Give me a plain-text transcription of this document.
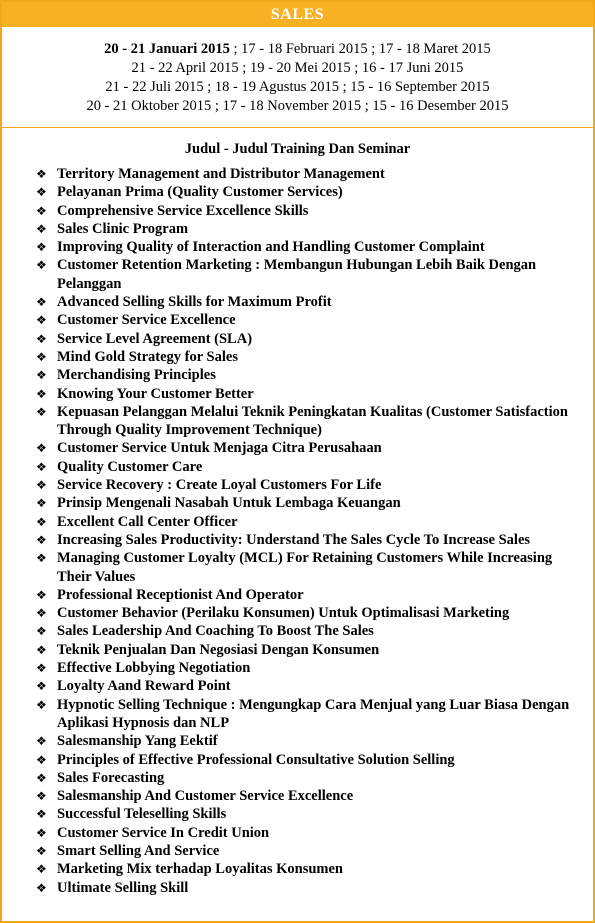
SALES
20 - 21 Januari 2015 ; 17 - 18 Februari 2015 ; 17 - 18 Maret 2015
21 - 22 April 2015 ; 19 - 20 Mei 2015 ; 16 - 17 Juni 2015
21 - 22 Juli 2015 ; 18 - 19 Agustus 2015 ; 15 - 16 September 2015
20 - 21 Oktober 2015 ; 17 - 18 November 2015 ; 15 - 16 Desember 2015
Judul - Judul Training Dan Seminar
❖ Territory Management and Distributor Management
❖ Pelayanan Prima (Quality Customer Services)
❖ Comprehensive Service Excellence Skills
❖ Sales Clinic Program
❖ Improving Quality of Interaction and Handling Customer Complaint
❖ Customer Retention Marketing : Membangun Hubungan Lebih Baik Dengan Pelanggan
❖ Advanced Selling Skills for Maximum Profit
❖ Customer Service Excellence
❖ Service Level Agreement (SLA)
❖ Mind Gold Strategy for Sales
❖ Merchandising Principles
❖ Knowing Your Customer Better
❖ Kepuasan Pelanggan Melalui Teknik Peningkatan Kualitas (Customer Satisfaction Through Quality Improvement Technique)
❖ Customer Service Untuk Menjaga Citra Perusahaan
❖ Quality Customer Care
❖ Service Recovery : Create Loyal Customers For Life
❖ Prinsip Mengenali Nasabah Untuk Lembaga Keuangan
❖ Excellent Call Center Officer
❖ Increasing Sales Productivity: Understand The Sales Cycle To Increase Sales
❖ Managing Customer Loyalty (MCL) For Retaining Customers While Increasing Their Values
❖ Professional Receptionist And Operator
❖ Customer Behavior (Perilaku Konsumen) Untuk Optimalisasi Marketing
❖ Sales Leadership And Coaching To Boost The Sales
❖ Teknik Penjualan Dan Negosiasi Dengan Konsumen
❖ Effective Lobbying Negotiation
❖ Loyalty Aand Reward Point
❖ Hypnotic Selling Technique : Mengungkap Cara Menjual yang Luar Biasa Dengan Aplikasi Hypnosis dan NLP
❖ Salesmanship Yang Eektif
❖ Principles of Effective Professional Consultative Solution Selling
❖ Sales Forecasting
❖ Salesmanship And Customer Service Excellence
❖ Successful Teleselling Skills
❖ Customer Service In Credit Union
❖ Smart Selling And Service
❖ Marketing Mix terhadap Loyalitas Konsumen
❖ Ultimate Selling Skill
